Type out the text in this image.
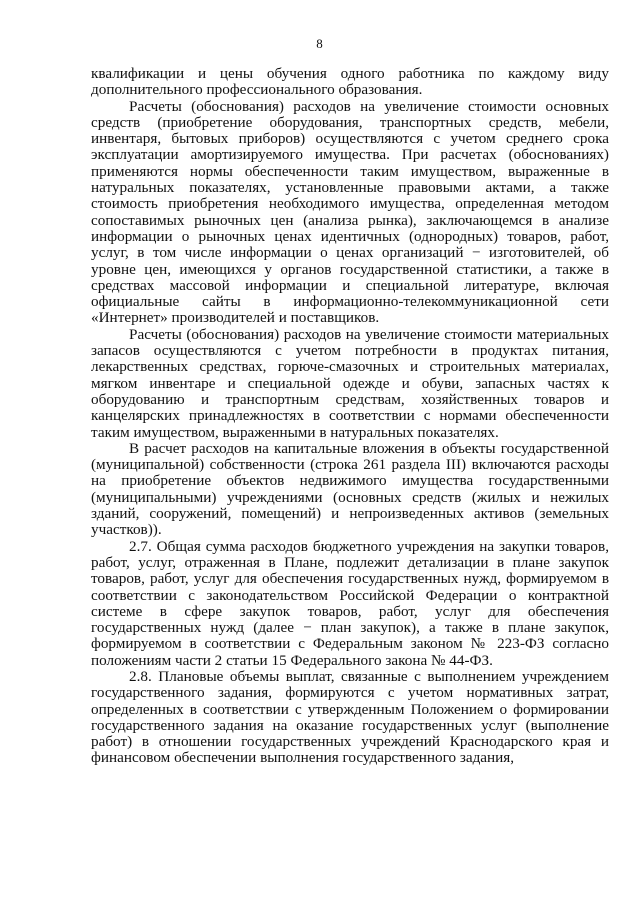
8

квалификации и цены обучения одного работника по каждому виду дополнительного профессионального образования.

Расчеты (обоснования) расходов на увеличение стоимости основных средств (приобретение оборудования, транспортных средств, мебели, инвентаря, бытовых приборов) осуществляются с учетом среднего срока эксплуатации амортизируемого имущества. При расчетах (обоснованиях) применяются нормы обеспеченности таким имуществом, выраженные в натуральных показателях, установленные правовыми актами, а также стоимость приобретения необходимого имущества, определенная методом сопоставимых рыночных цен (анализа рынка), заключающемся в анализе информации о рыночных ценах идентичных (однородных) товаров, работ, услуг, в том числе информации о ценах организаций − изготовителей, об уровне цен, имеющихся у органов государственной статистики, а также в средствах массовой информации и специальной литературе, включая официальные сайты в информационно-телекоммуникационной сети «Интернет» производителей и поставщиков.

Расчеты (обоснования) расходов на увеличение стоимости материальных запасов осуществляются с учетом потребности в продуктах питания, лекарственных средствах, горюче-смазочных и строительных материалах, мягком инвентаре и специальной одежде и обуви, запасных частях к оборудованию и транспортным средствам, хозяйственных товаров и канцелярских принадлежностях в соответствии с нормами обеспеченности таким имуществом, выраженными в натуральных показателях.

В расчет расходов на капитальные вложения в объекты государственной (муниципальной) собственности (строка 261 раздела III) включаются расходы на приобретение объектов недвижимого имущества государственными (муниципальными) учреждениями (основных средств (жилых и нежилых зданий, сооружений, помещений) и непроизведенных активов (земельных участков)).

2.7. Общая сумма расходов бюджетного учреждения на закупки товаров, работ, услуг, отраженная в Плане, подлежит детализации в плане закупок товаров, работ, услуг для обеспечения государственных нужд, формируемом в соответствии с законодательством Российской Федерации о контрактной системе в сфере закупок товаров, работ, услуг для обеспечения государственных нужд (далее − план закупок), а также в плане закупок, формируемом в соответствии с Федеральным законом № 223-ФЗ согласно положениям части 2 статьи 15 Федерального закона № 44-ФЗ.

2.8. Плановые объемы выплат, связанные с выполнением учреждением государственного задания, формируются с учетом нормативных затрат, определенных в соответствии с утвержденным Положением о формировании государственного задания на оказание государственных услуг (выполнение работ) в отношении государственных учреждений Краснодарского края и финансовом обеспечении выполнения государственного задания,
